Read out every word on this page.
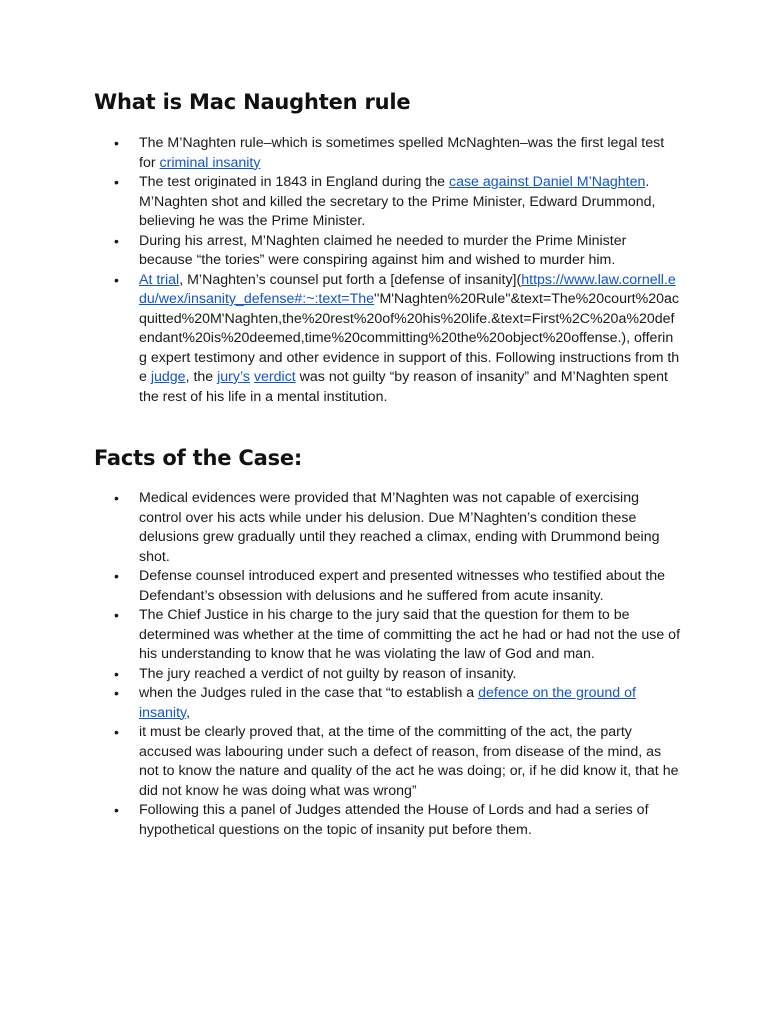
What is Mac Naughten rule
• The M’Naghten rule–which is sometimes spelled McNaghten–was the first legal test for criminal insanity
• The test originated in 1843 in England during the case against Daniel M’Naghten. M’Naghten shot and killed the secretary to the Prime Minister, Edward Drummond, believing he was the Prime Minister.
• During his arrest, M’Naghten claimed he needed to murder the Prime Minister because “the tories” were conspiring against him and wished to murder him.
• At trial, M’Naghten’s counsel put forth a [defense of insanity](https://www.law.cornell.edu/wex/insanity_defense#:~:text=The''M'Naghten%20Rule''&text=The%20court%20acquitted%20M'Naghten,the%20rest%20of%20his%20life.&text=First%2C%20a%20defendant%20is%20deemed,time%20committing%20the%20object%20offense.), offering expert testimony and other evidence in support of this. Following instructions from the judge, the jury’s verdict was not guilty “by reason of insanity” and M’Naghten spent the rest of his life in a mental institution.
Facts of the Case:
• Medical evidences were provided that M’Naghten was not capable of exercising control over his acts while under his delusion. Due M’Naghten’s condition these delusions grew gradually until they reached a climax, ending with Drummond being shot.
• Defense counsel introduced expert and presented witnesses who testified about the Defendant’s obsession with delusions and he suffered from acute insanity.
• The Chief Justice in his charge to the jury said that the question for them to be determined was whether at the time of committing the act he had or had not the use of his understanding to know that he was violating the law of God and man.
• The jury reached a verdict of not guilty by reason of insanity.
• when the Judges ruled in the case that “to establish a defence on the ground of insanity,
• it must be clearly proved that, at the time of the committing of the act, the party accused was labouring under such a defect of reason, from disease of the mind, as not to know the nature and quality of the act he was doing; or, if he did know it, that he did not know he was doing what was wrong”
• Following this a panel of Judges attended the House of Lords and had a series of hypothetical questions on the topic of insanity put before them.
